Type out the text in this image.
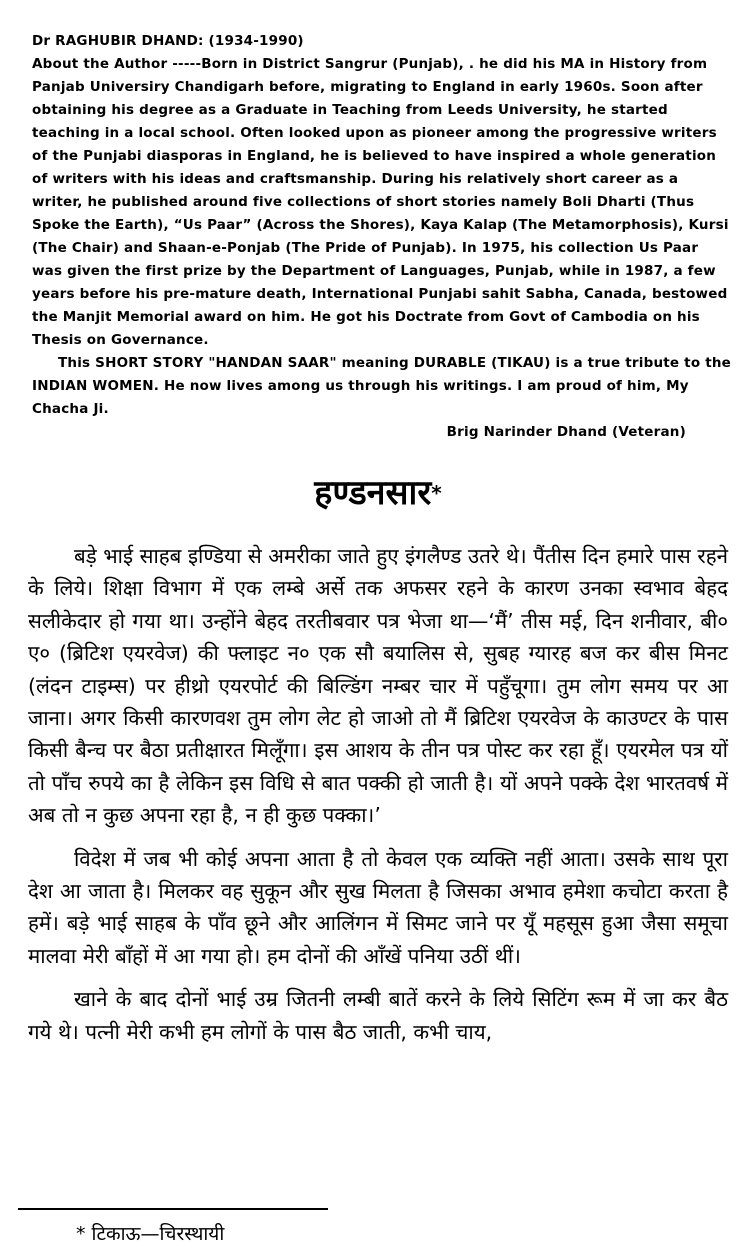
Dr RAGHUBIR DHAND: (1934-1990)

About the Author -----Born in District Sangrur (Punjab), . he did his MA in History from Panjab Universiry Chandigarh before, migrating to England in early 1960s. Soon after obtaining his degree as a Graduate in Teaching from Leeds University, he started teaching in a local school. Often looked upon as pioneer among the progressive writers of the Punjabi diasporas in England, he is believed to have inspired a whole generation of writers with his ideas and craftsmanship. During his relatively short career as a writer, he published around five collections of short stories namely Boli Dharti (Thus Spoke the Earth), “Us Paar” (Across the Shores), Kaya Kalap (The Metamorphosis), Kursi (The Chair) and Shaan-e-Ponjab (The Pride of Punjab). In 1975, his collection Us Paar was given the first prize by the Department of Languages, Punjab, while in 1987, a few years before his pre-mature death, International Punjabi sahit Sabha, Canada, bestowed the Manjit Memorial award on him. He got his Doctrate from Govt of Cambodia on his Thesis on Governance.

This SHORT STORY "HANDAN SAAR" meaning DURABLE (TIKAU) is a true tribute to the INDIAN WOMEN. He now lives among us through his writings. I am proud of him, My Chacha Ji.

Brig Narinder Dhand (Veteran)

हण्डनसार*

बड़े भाई साहब इण्डिया से अमरीका जाते हुए इंगलैण्ड उतरे थे। पैंतीस दिन हमारे पास रहने के लिये। शिक्षा विभाग में एक लम्बे अर्से तक अफसर रहने के कारण उनका स्वभाव बेहद सलीकेदार हो गया था। उन्होंने बेहद तरतीबवार पत्र भेजा था—‘मैं’ तीस मई, दिन शनीवार, बी० ए० (ब्रिटिश एयरवेज) की फ्लाइट न० एक सौ बयालिस से, सुबह ग्यारह बज कर बीस मिनट (लंदन टाइम्स) पर हीथ्रो एयरपोर्ट की बिल्डिंग नम्बर चार में पहुँचूगा। तुम लोग समय पर आ जाना। अगर किसी कारणवश तुम लोग लेट हो जाओ तो मैं ब्रिटिश एयरवेज के काउण्टर के पास किसी बैन्च पर बैठा प्रतीक्षारत मिलूँगा। इस आशय के तीन पत्र पोस्ट कर रहा हूँ। एयरमेल पत्र यों तो पाँच रुपये का है लेकिन इस विधि से बात पक्की हो जाती है। यों अपने पक्के देश भारतवर्ष में अब तो न कुछ अपना रहा है, न ही कुछ पक्का।’

विदेश में जब भी कोई अपना आता है तो केवल एक व्यक्ति नहीं आता। उसके साथ पूरा देश आ जाता है। मिलकर वह सुकून और सुख मिलता है जिसका अभाव हमेशा कचोटा करता है हमें। बड़े भाई साहब के पाँव छूने और आलिंगन में सिमट जाने पर यूँ महसूस हुआ जैसा समूचा मालवा मेरी बाँहों में आ गया हो। हम दोनों की आँखें पनिया उठीं थीं।

खाने के बाद दोनों भाई उम्र जितनी लम्बी बातें करने के लिये सिटिंग रूम में जा कर बैठ गये थे। पत्नी मेरी कभी हम लोगों के पास बैठ जाती, कभी चाय,

* टिकाऊ—चिरस्थायी
